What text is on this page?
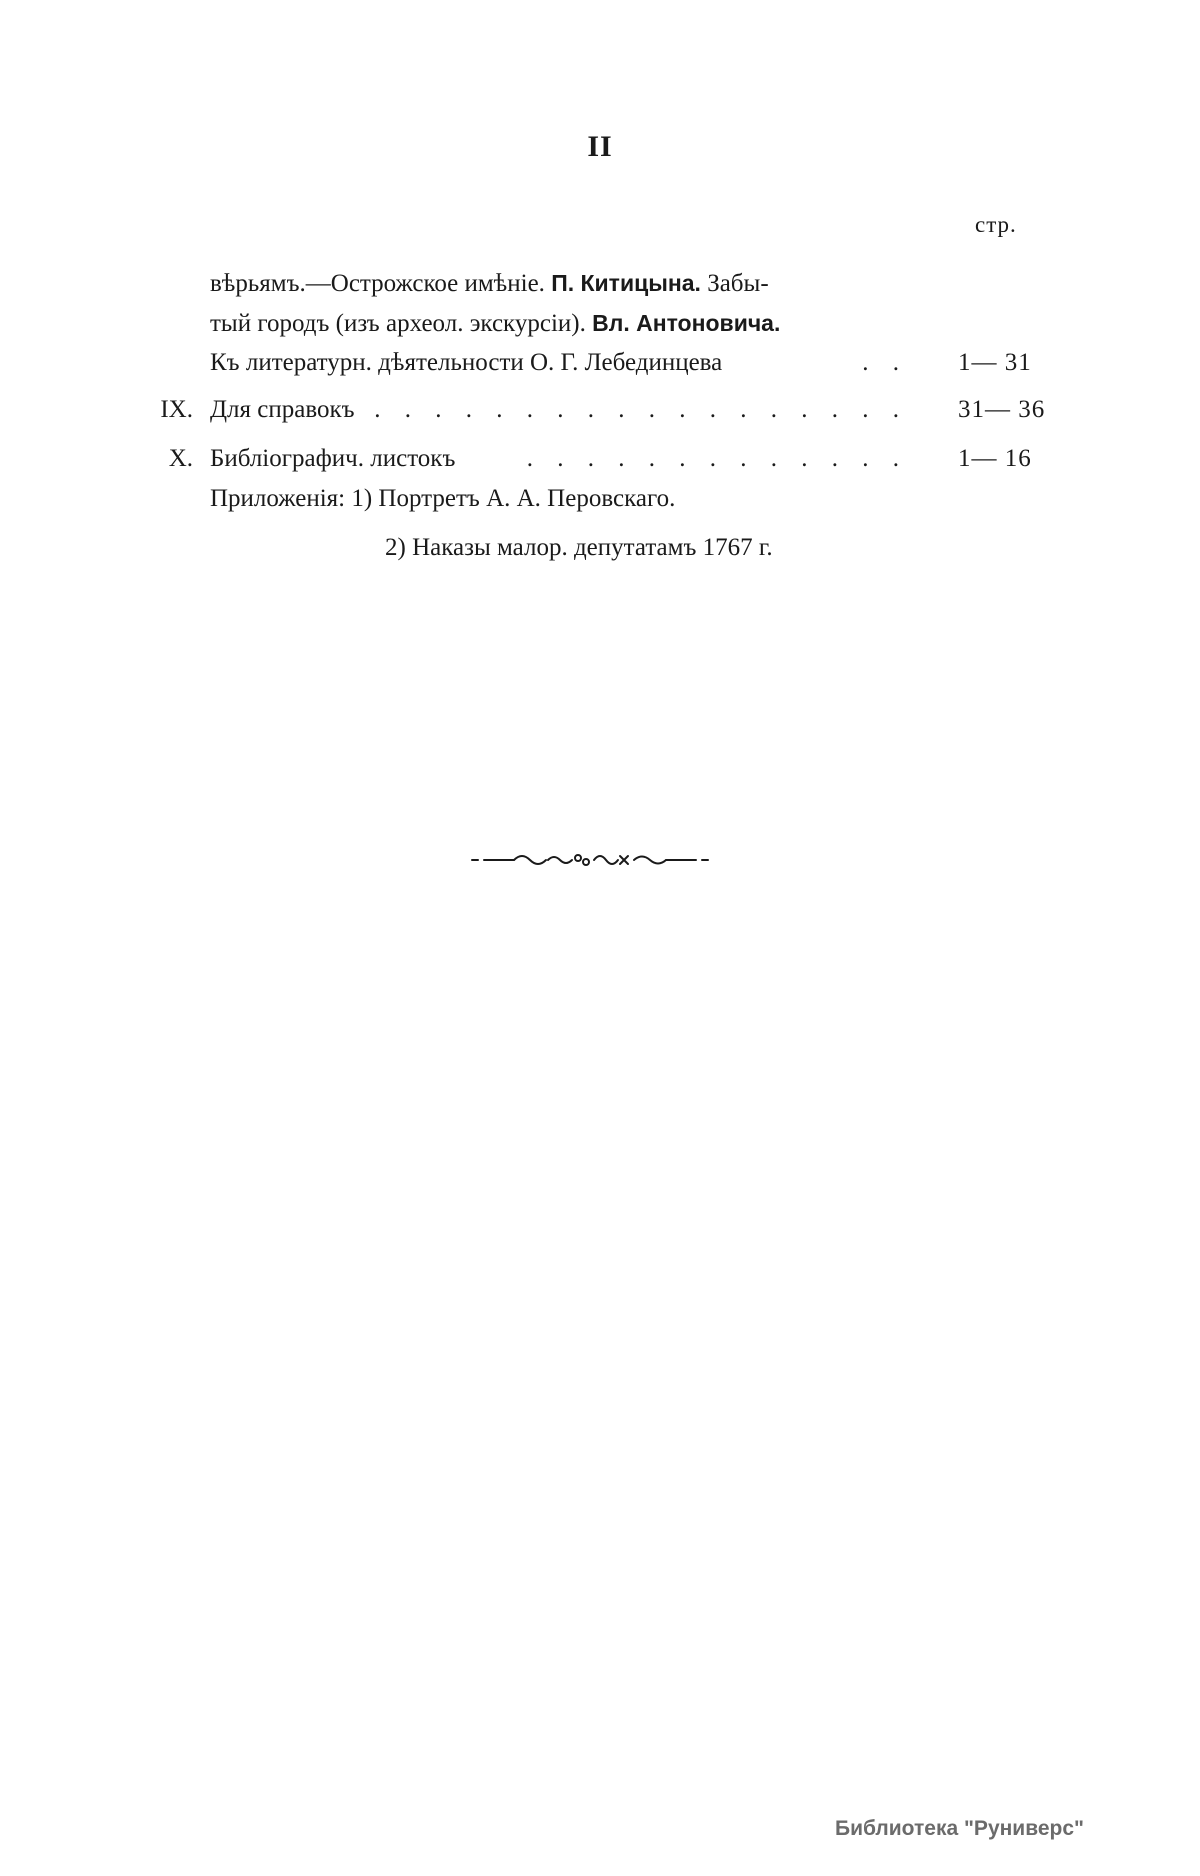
II
стр.
вѣрьямъ.—Острожское имѣніе. П. Китицына. Забы-
тый городъ (изъ археол. экскурсіи). Вл. Антоновича.
Къ литературн. дѣятельности О. Г. Лебединцева	. . 1— 31
IX. Для справокъ . . . . . . . . . . . . . . . . . . 31— 36
X. Библіографич. листокъ	. . . . . . . . . . . . . 1— 16
Приложенія: 1) Портретъ А. А. Перовскаго.
2) Наказы малор. депутатамъ 1767 г.
Библиотека "Руниверс"
